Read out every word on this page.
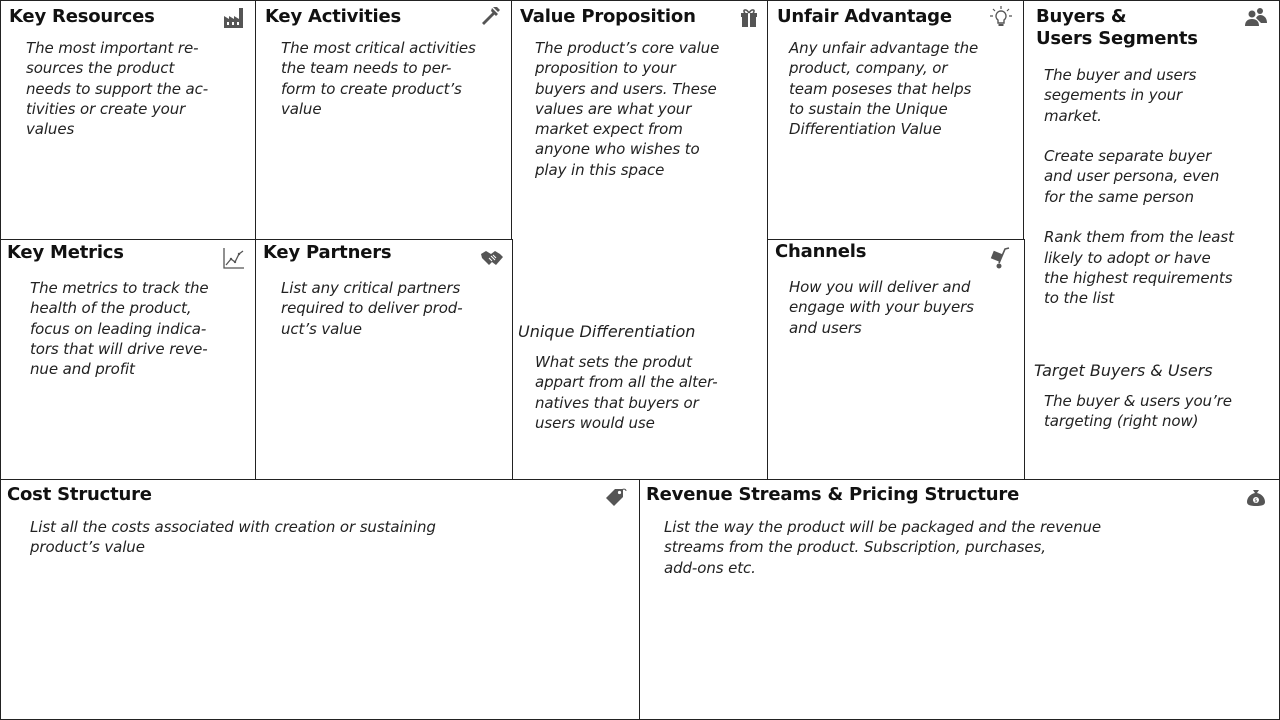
Key Resources
The most important re-
sources the product
needs to support the ac-
tivities or create your
values
Key Activities
The most critical activities
the team needs to per-
form to create product’s
value
Value Proposition
The product’s core value
proposition to your
buyers and users. These
values are what your
market expect from
anyone who wishes to
play in this space
Unique Differentiation
What sets the produt
appart from all the alter-
natives that buyers or
users would use
Unfair Advantage
Any unfair advantage the
product, company, or
team poseses that helps
to sustain the Unique
Differentiation Value
Buyers &
Users Segments
The buyer and users
segements in your
market.

Create separate buyer
and user persona, even
for the same person

Rank them from the least
likely to adopt or have
the highest requirements
to the list
Target Buyers & Users
The buyer & users you’re
targeting (right now)
Key Metrics
The metrics to track the
health of the product,
focus on leading indica-
tors that will drive reve-
nue and profit
Key Partners
List any critical partners
required to deliver prod-
uct’s value
Channels
How you will deliver and
engage with your buyers
and users
Cost Structure
List all the costs associated with creation or sustaining
product’s value
Revenue Streams & Pricing Structure	$
List the way the product will be packaged and the revenue
streams from the product. Subscription, purchases,
add-ons etc.
